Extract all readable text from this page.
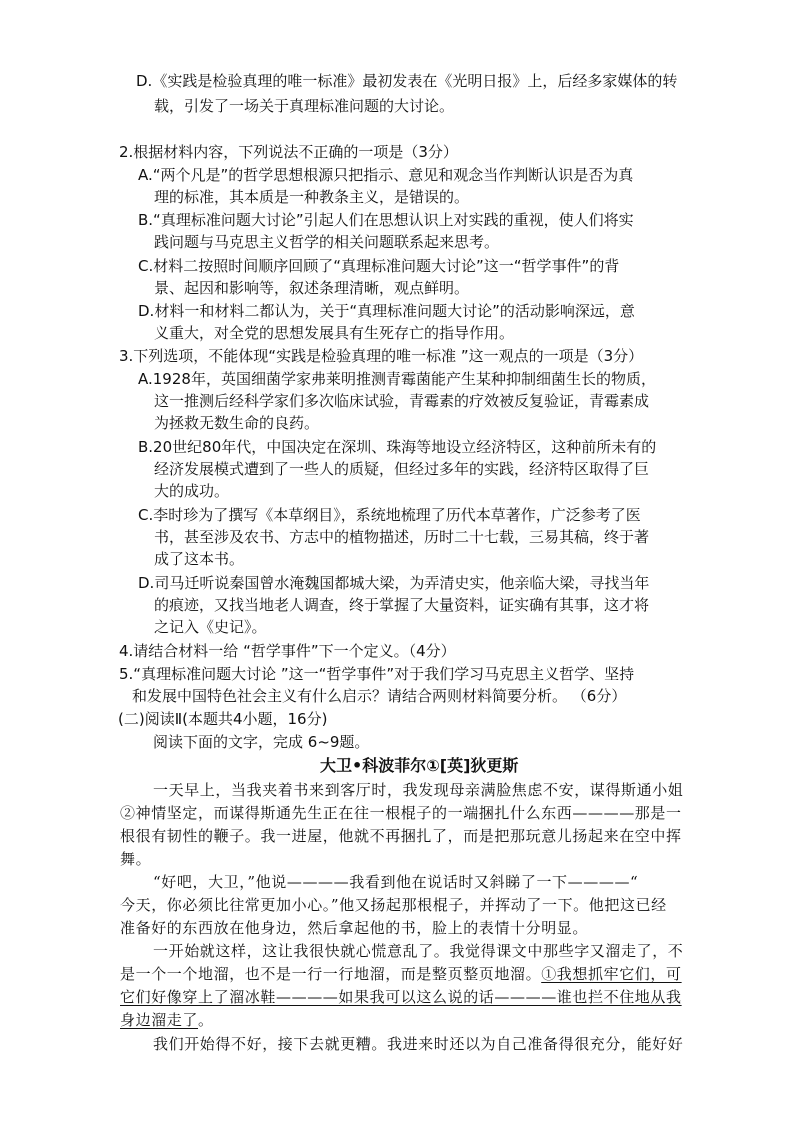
D.《实践是检验真理的唯一标准》最初发表在《光明日报》上，后经多家媒体的转
载，引发了一场关于真理标准问题的大讨论。
2.根据材料内容，下列说法不正确的一项是（3分）
A.“两个凡是”的哲学思想根源只把指示、意见和观念当作判断认识是否为真
理的标准，其本质是一种教条主义，是错误的。
B.“真理标准问题大讨论”引起人们在思想认识上对实践的重视，使人们将实
践问题与马克思主义哲学的相关问题联系起来思考。
C.材料二按照时间顺序回顾了“真理标准问题大讨论”这一“哲学事件”的背
景、起因和影响等，叙述条理清晰，观点鲜明。
D.材料一和材料二都认为，关于“真理标准问题大讨论”的活动影响深远，意
义重大，对全党的思想发展具有生死存亡的指导作用。
3.下列选项，不能体现“实践是检验真理的唯一标准 ”这一观点的一项是（3分）
A.1928年，英国细菌学家弗莱明推测青霉菌能产生某种抑制细菌生长的物质，
这一推测后经科学家们多次临床试验，青霉素的疗效被反复验证，青霉素成
为拯救无数生命的良药。
B.20世纪80年代，中国决定在深圳、珠海等地设立经济特区，这种前所未有的
经济发展模式遭到了一些人的质疑，但经过多年的实践，经济特区取得了巨
大的成功。
C.李时珍为了撰写《本草纲目》，系统地梳理了历代本草著作，广泛参考了医
书，甚至涉及农书、方志中的植物描述，历时二十七载，三易其稿，终于著
成了这本书。
D.司马迁听说秦国曾水淹魏国都城大梁，为弄清史实，他亲临大梁，寻找当年
的痕迹，又找当地老人调查，终于掌握了大量资料，证实确有其事，这才将
之记入《史记》。
4.请结合材料一给 “哲学事件”下一个定义。（4分）
5.“真理标准问题大讨论 ”这一“哲学事件”对于我们学习马克思主义哲学、坚持
和发展中国特色社会主义有什么启示？请结合两则材料简要分析。 （6分）
(二)阅读Ⅱ(本题共4小题，16分)
阅读下面的文字，完成 6~9题。
大卫•科波菲尔①[英]狄更斯
一天早上，当我夹着书来到客厅时，我发现母亲满脸焦虑不安，谋得斯通小姐
②神情坚定，而谋得斯通先生正在往一根棍子的一端捆扎什么东西————那是一
根很有韧性的鞭子。我一进屋，他就不再捆扎了，而是把那玩意儿扬起来在空中挥
舞。
“好吧，大卫，”他说————我看到他在说话时又斜睇了一下————“
今天，你必须比往常更加小心。”他又扬起那根棍子，并挥动了一下。他把这已经
准备好的东西放在他身边，然后拿起他的书，脸上的表情十分明显。
一开始就这样，这让我很快就心慌意乱了。我觉得课文中那些字又溜走了，不
是一个一个地溜，也不是一行一行地溜，而是整页整页地溜。①我想抓牢它们，可
它们好像穿上了溜冰鞋————如果我可以这么说的话————谁也拦不住地从我
身边溜走了。
我们开始得不好，接下去就更糟。我进来时还以为自己准备得很充分，能好好
